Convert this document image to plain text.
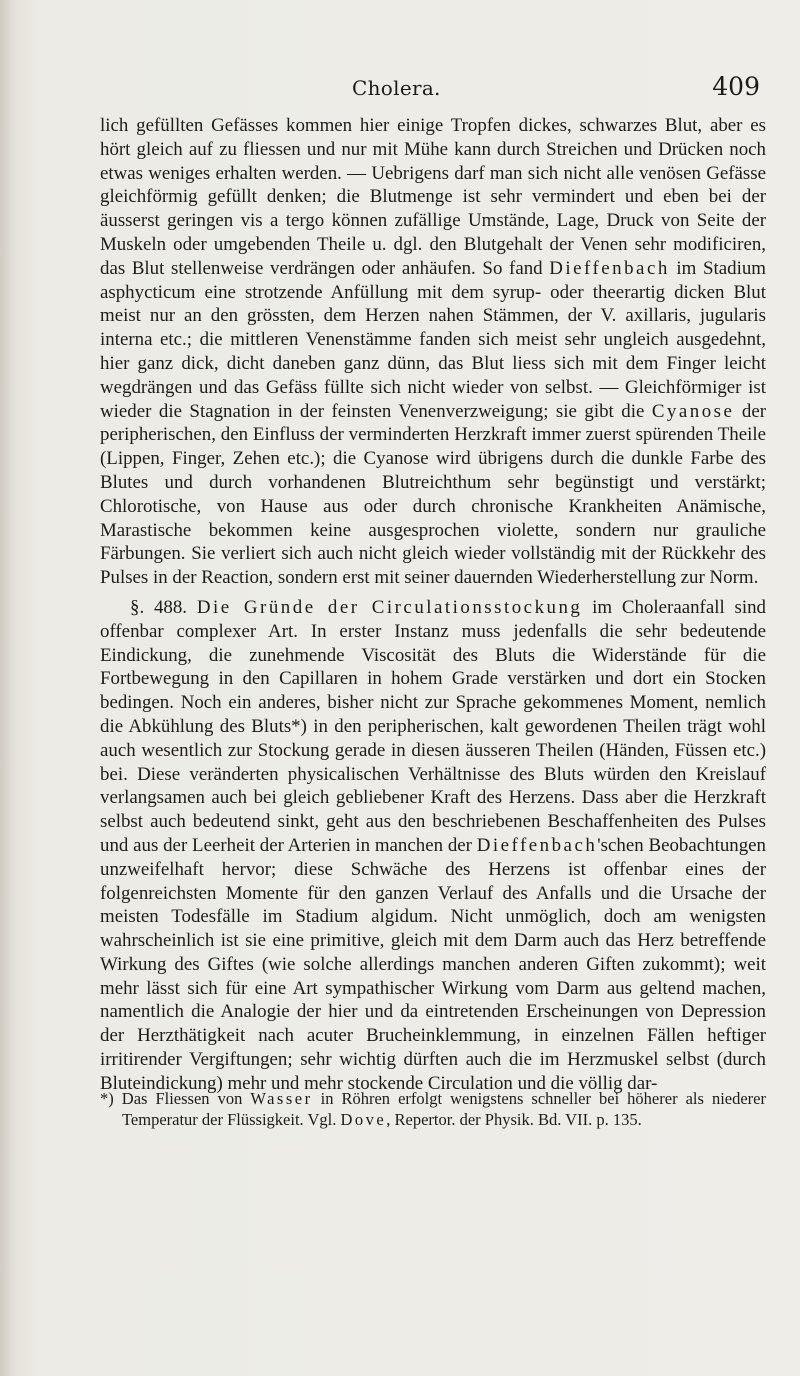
Cholera.	409

lich gefüllten Gefässes kommen hier einige Tropfen dickes, schwarzes Blut, aber es hört gleich auf zu fliessen und nur mit Mühe kann durch Streichen und Drücken noch etwas weniges erhalten werden. — Uebrigens darf man sich nicht alle venösen Gefässe gleichförmig gefüllt denken; die Blutmenge ist sehr vermindert und eben bei der äusserst geringen vis a tergo können zufällige Umstände, Lage, Druck von Seite der Muskeln oder umgebenden Theile u. dgl. den Blutgehalt der Venen sehr modificiren, das Blut stellenweise verdrängen oder anhäufen. So fand Dieffenbach im Stadium asphycticum eine strotzende Anfüllung mit dem syrup- oder theerartig dicken Blut meist nur an den grössten, dem Herzen nahen Stämmen, der V. axillaris, jugularis interna etc.; die mittleren Venenstämme fanden sich meist sehr ungleich ausgedehnt, hier ganz dick, dicht daneben ganz dünn, das Blut liess sich mit dem Finger leicht wegdrängen und das Gefäss füllte sich nicht wieder von selbst. — Gleichförmiger ist wieder die Stagnation in der feinsten Venenverzweigung; sie gibt die Cyanose der peripherischen, den Einfluss der verminderten Herzkraft immer zuerst spürenden Theile (Lippen, Finger, Zehen etc.); die Cyanose wird übrigens durch die dunkle Farbe des Blutes und durch vorhandenen Blutreichthum sehr begünstigt und verstärkt; Chlorotische, von Hause aus oder durch chronische Krankheiten Anämische, Marastische bekommen keine ausgesprochen violette, sondern nur grauliche Färbungen. Sie verliert sich auch nicht gleich wieder vollständig mit der Rückkehr des Pulses in der Reaction, sondern erst mit seiner dauernden Wiederherstellung zur Norm.

§. 488. Die Gründe der Circulationsstockung im Choleraanfall sind offenbar complexer Art. In erster Instanz muss jedenfalls die sehr bedeutende Eindickung, die zunehmende Viscosität des Bluts die Widerstände für die Fortbewegung in den Capillaren in hohem Grade verstärken und dort ein Stocken bedingen. Noch ein anderes, bisher nicht zur Sprache gekommenes Moment, nemlich die Abkühlung des Bluts*) in den peripherischen, kalt gewordenen Theilen trägt wohl auch wesentlich zur Stockung gerade in diesen äusseren Theilen (Händen, Füssen etc.) bei. Diese veränderten physicalischen Verhältnisse des Bluts würden den Kreislauf verlangsamen auch bei gleich gebliebener Kraft des Herzens. Dass aber die Herzkraft selbst auch bedeutend sinkt, geht aus den beschriebenen Beschaffenheiten des Pulses und aus der Leerheit der Arterien in manchen der Dieffenbach'schen Beobachtungen unzweifelhaft hervor; diese Schwäche des Herzens ist offenbar eines der folgenreichsten Momente für den ganzen Verlauf des Anfalls und die Ursache der meisten Todesfälle im Stadium algidum. Nicht unmöglich, doch am wenigsten wahrscheinlich ist sie eine primitive, gleich mit dem Darm auch das Herz betreffende Wirkung des Giftes (wie solche allerdings manchen anderen Giften zukommt); weit mehr lässt sich für eine Art sympathischer Wirkung vom Darm aus geltend machen, namentlich die Analogie der hier und da eintretenden Erscheinungen von Depression der Herzthätigkeit nach acuter Brucheinklemmung, in einzelnen Fällen heftiger irritirender Vergiftungen; sehr wichtig dürften auch die im Herzmuskel selbst (durch Bluteindickung) mehr und mehr stockende Circulation und die völlig dar-

*) Das Fliessen von Wasser in Röhren erfolgt wenigstens schneller bei höherer als niederer Temperatur der Flüssigkeit. Vgl. Dove, Repertor. der Physik. Bd. VII. p. 135.
